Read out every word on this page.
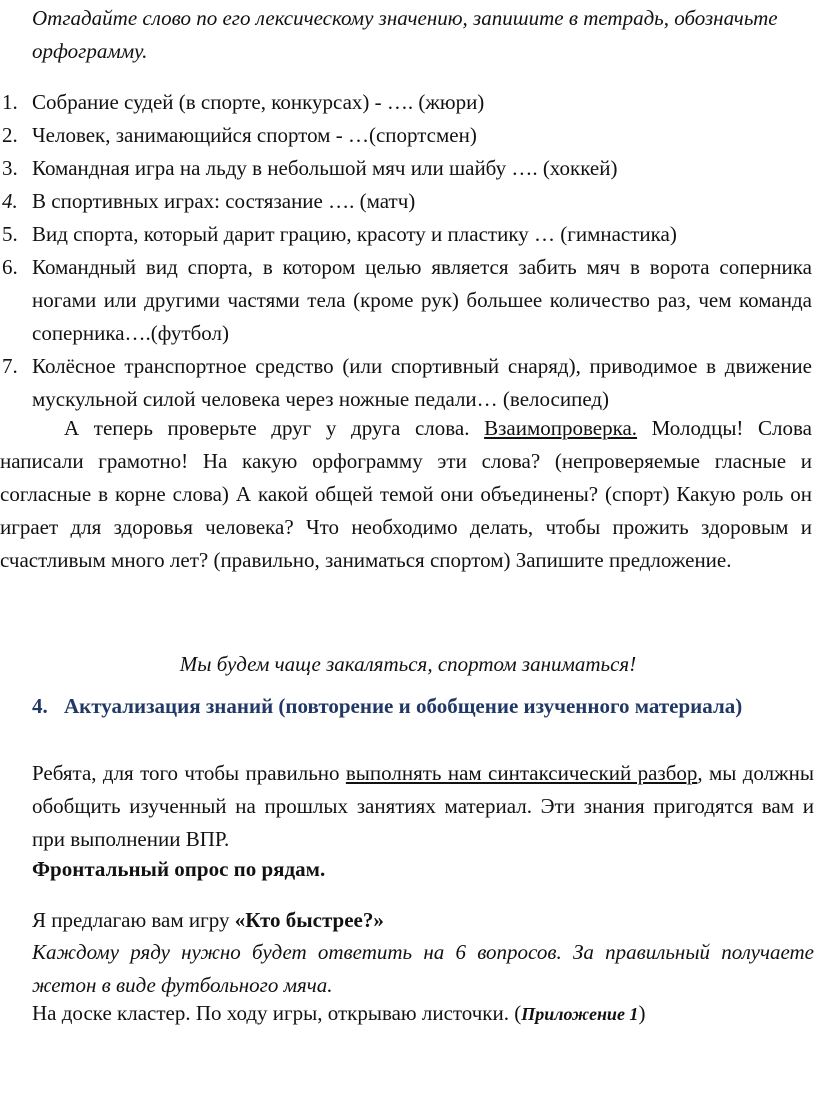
Отгадайте слово по его лексическому значению, запишите в тетрадь, обозначьте орфограмму.

1. Собрание судей (в спорте, конкурсах) - …. (жюри)
2. Человек, занимающийся спортом - …(спортсмен)
3. Командная игра на льду в небольшой мяч или шайбу …. (хоккей)
4. В спортивных играх: состязание …. (матч)
5. Вид спорта, который дарит грацию, красоту и пластику … (гимнастика)
6. Командный вид спорта, в котором целью является забить мяч в ворота соперника ногами или другими частями тела (кроме рук) большее количество раз, чем команда соперника….(футбол)
7. Колёсное транспортное средство (или спортивный снаряд), приводимое в движение мускульной силой человека через ножные педали… (велосипед)

А теперь проверьте друг у друга слова. Взаимопроверка. Молодцы! Слова написали грамотно! На какую орфограмму эти слова? (непроверяемые гласные и согласные в корне слова) А какой общей темой они объединены? (спорт) Какую роль он играет для здоровья человека? Что необходимо делать, чтобы прожить здоровым и счастливым много лет? (правильно, заниматься спортом) Запишите предложение.

Мы будем чаще закаляться, спортом заниматься!

4. Актуализация знаний (повторение и обобщение изученного материала)

Ребята, для того чтобы правильно выполнять нам синтаксический разбор, мы должны обобщить изученный на прошлых занятиях материал. Эти знания пригодятся вам и при выполнении ВПР.

Фронтальный опрос по рядам.

Я предлагаю вам игру «Кто быстрее?»

Каждому ряду нужно будет ответить на 6 вопросов. За правильный получаете жетон в виде футбольного мяча.

На доске кластер. По ходу игры, открываю листочки. (Приложение 1)
